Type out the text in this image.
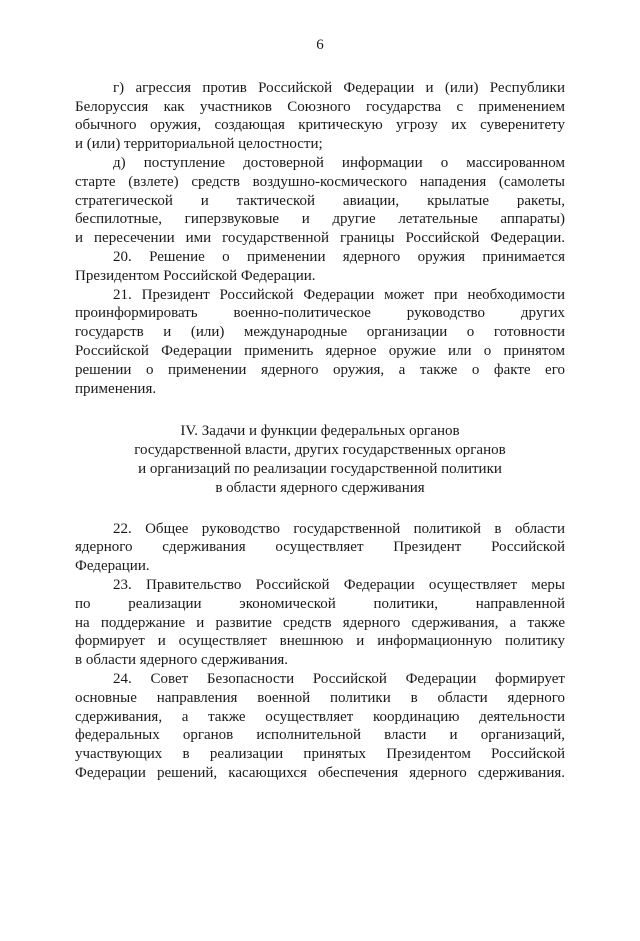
6
г) агрессия против Российской Федерации и (или) Республики
Белоруссия как участников Союзного государства с применением
обычного оружия, создающая критическую угрозу их суверенитету
и (или) территориальной целостности;
д) поступление достоверной информации о массированном
старте (взлете) средств воздушно-космического нападения (самолеты
стратегической и тактической авиации, крылатые ракеты,
беспилотные, гиперзвуковые и другие летательные аппараты)
и пересечении ими государственной границы Российской Федерации.
20. Решение о применении ядерного оружия принимается
Президентом Российской Федерации.
21. Президент Российской Федерации может при необходимости
проинформировать военно-политическое руководство других
государств и (или) международные организации о готовности
Российской Федерации применить ядерное оружие или о принятом
решении о применении ядерного оружия, а также о факте его
применения.
IV. Задачи и функции федеральных органов
государственной власти, других государственных органов
и организаций по реализации государственной политики
в области ядерного сдерживания
22. Общее руководство государственной политикой в области
ядерного сдерживания осуществляет Президент Российской
Федерации.
23. Правительство Российской Федерации осуществляет меры
по реализации экономической политики, направленной
на поддержание и развитие средств ядерного сдерживания, а также
формирует и осуществляет внешнюю и информационную политику
в области ядерного сдерживания.
24. Совет Безопасности Российской Федерации формирует
основные направления военной политики в области ядерного
сдерживания, а также осуществляет координацию деятельности
федеральных органов исполнительной власти и организаций,
участвующих в реализации принятых Президентом Российской
Федерации решений, касающихся обеспечения ядерного сдерживания.
